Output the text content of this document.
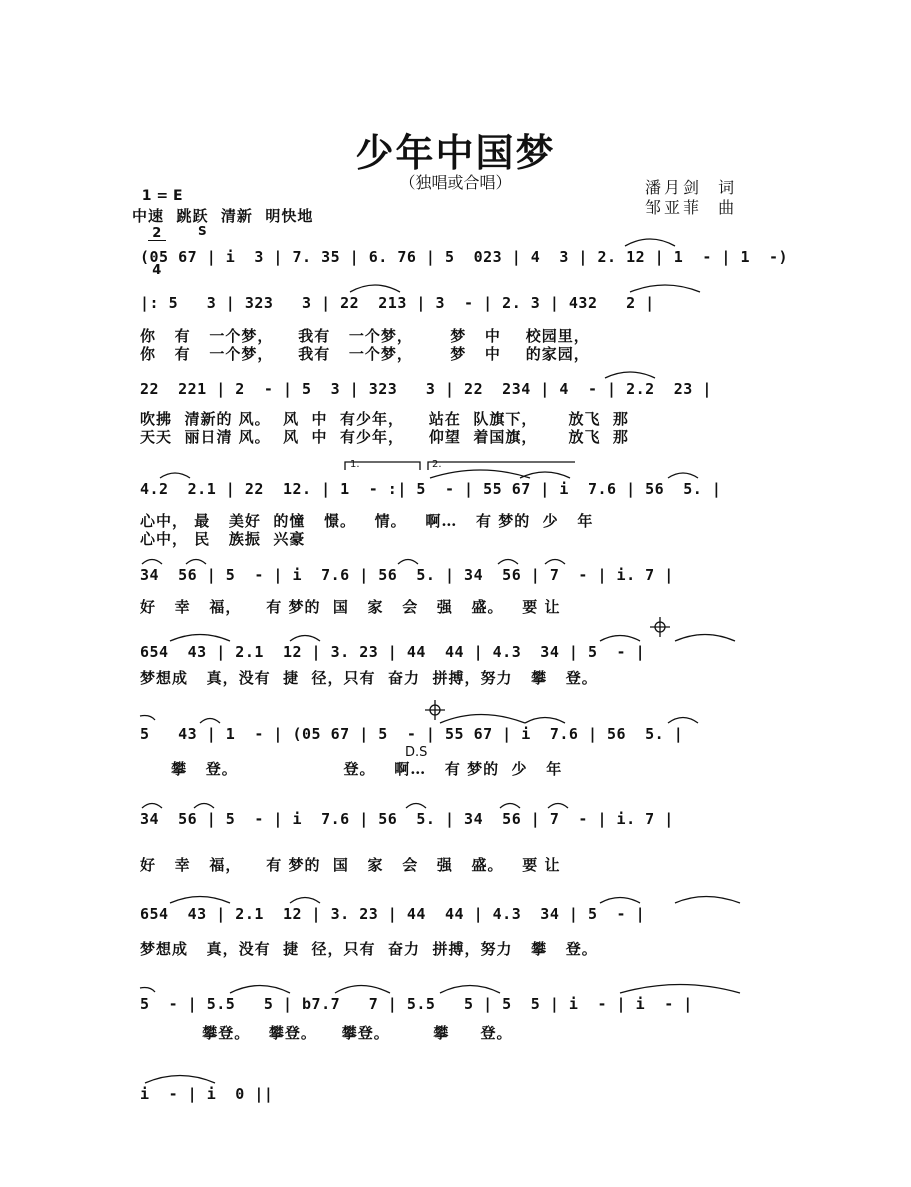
少年中国梦
（独唱或合唱）

1 = E

$\frac{2}{4}$

中速  跳跃  清新  明快地
潘月剑  词
邹亚菲  曲
S
(05 67 | i  3 | 7. 35 | 6. 76 | 5  023 | 4  3 | 2. 12 | 1  - | 1  -)
|: 5   3 | 323   3 | 22  213 | 3  - | 2. 3 | 432   2 |
你   有   一个梦，    我有   一个梦，      梦   中    校园里，
你   有   一个梦，    我有   一个梦，      梦   中    的家园，
22  221 | 2  - | 5  3 | 323   3 | 22  234 | 4  - | 2.2  23 |
吹拂  清新的 风。  风  中  有少年，    站在  队旗下，     放飞  那
天天  丽日清 风。  风  中  有少年，    仰望  着国旗，     放飞  那
1.	2.
4.2  2.1 | 22  12. | 1  - :| 5  - | 55 67 | i  7.6 | 56  5. |
心中， 最   美好  的憧   憬。   情。   啊…   有 梦的  少   年
心中， 民   族振  兴豪
34  56 | 5  - | i  7.6 | 56  5. | 34  56 | 7  - | i. 7 |
好   幸   福，    有 梦的  国   家   会   强   盛。   要 让
654  43 | 2.1  12 | 3. 23 | 44  44 | 4.3  34 | 5  - |
梦想成   真，没有  捷  径，只有  奋力  拼搏，努力   攀   登。
5   43 | 1  - | (05 67 | 5  - | 55 67 | i  7.6 | 56  5. |
D.S
攀   登。                 登。   啊…   有 梦的  少   年
34  56 | 5  - | i  7.6 | 56  5. | 34  56 | 7  - | i. 7 |
好   幸   福，    有 梦的  国   家   会   强   盛。   要 让
654  43 | 2.1  12 | 3. 23 | 44  44 | 4.3  34 | 5  - |
梦想成   真，没有  捷  径，只有  奋力  拼搏，努力   攀   登。
5  - | 5.5   5 | b7.7   7 | 5.5   5 | 5  5 | i  - | i  - |
攀登。   攀登。    攀登。       攀     登。
i  - | i  0 ||
